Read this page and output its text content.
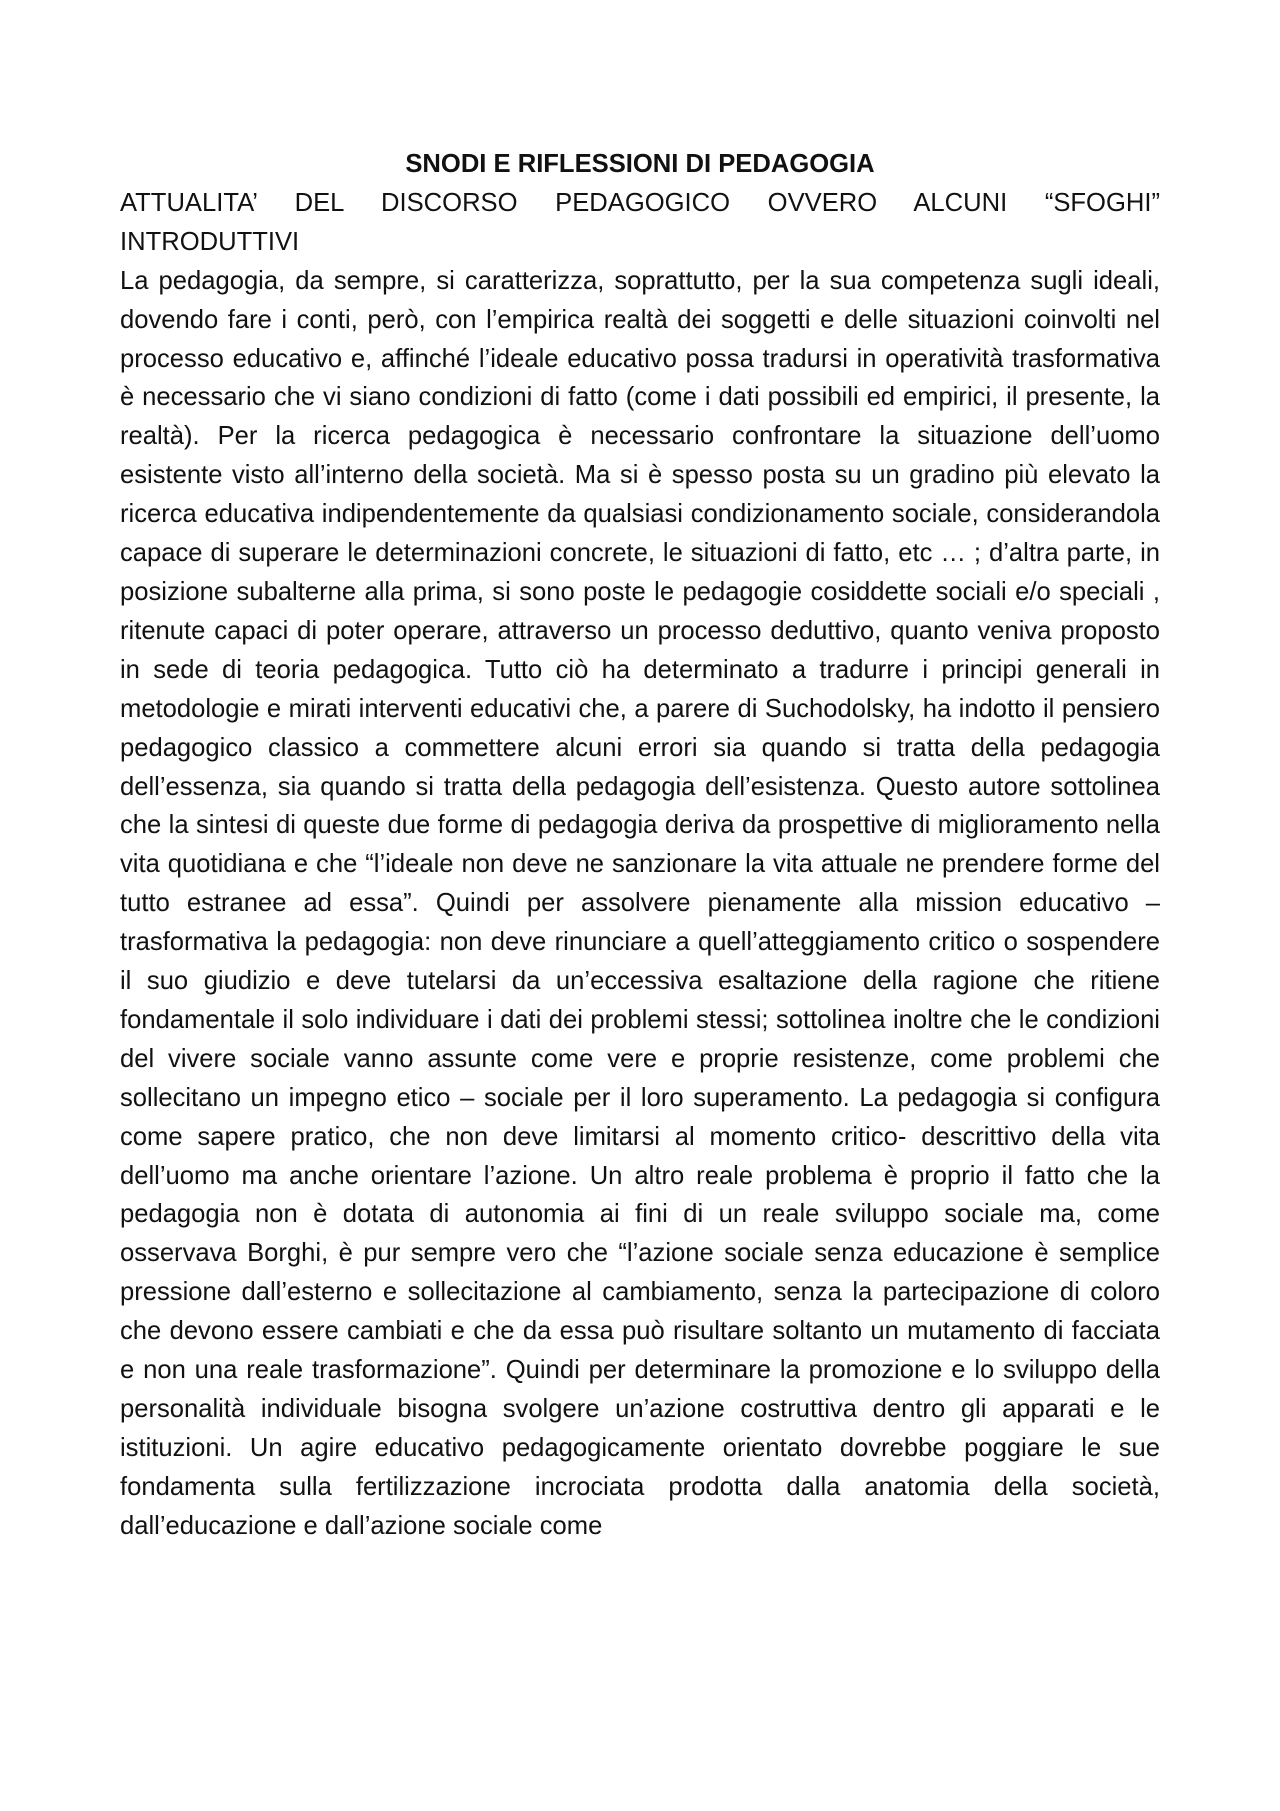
SNODI E RIFLESSIONI DI PEDAGOGIA
ATTUALITA’ DEL DISCORSO PEDAGOGICO OVVERO ALCUNI “SFOGHI” INTRODUTTIVI

La pedagogia, da sempre, si caratterizza, soprattutto, per la sua competenza sugli ideali, dovendo fare i conti, però, con l’empirica realtà dei soggetti e delle situazioni coinvolti nel processo educativo e, affinché l’ideale educativo possa tradursi in operatività trasformativa è necessario che vi siano condizioni di fatto (come i dati possibili ed empirici, il presente, la realtà). Per la ricerca pedagogica è necessario confrontare la situazione dell’uomo esistente visto all’interno della società. Ma si è spesso posta su un gradino più elevato la ricerca educativa indipendentemente da qualsiasi condizionamento sociale, considerandola capace di superare le determinazioni concrete, le situazioni di fatto, etc … ; d’altra parte, in posizione subalterne alla prima, si sono poste le pedagogie cosiddette sociali e/o speciali , ritenute capaci di poter operare, attraverso un processo deduttivo, quanto veniva proposto in sede di teoria pedagogica. Tutto ciò ha determinato a tradurre i principi generali in metodologie e mirati interventi educativi che, a parere di Suchodolsky, ha indotto il pensiero pedagogico classico a commettere alcuni errori sia quando si tratta della pedagogia dell’essenza, sia quando si tratta della pedagogia dell’esistenza. Questo autore sottolinea che la sintesi di queste due forme di pedagogia deriva da prospettive di miglioramento nella vita quotidiana e che “l’ideale non deve ne sanzionare la vita attuale ne prendere forme del tutto estranee ad essa”. Quindi per assolvere pienamente alla mission educativo – trasformativa la pedagogia: non deve rinunciare a quell’atteggiamento critico o sospendere il suo giudizio e deve tutelarsi da un’eccessiva esaltazione della ragione che ritiene fondamentale il solo individuare i dati dei problemi stessi; sottolinea inoltre che le condizioni del vivere sociale vanno assunte come vere e proprie resistenze, come problemi che sollecitano un impegno etico – sociale per il loro superamento. La pedagogia si configura come sapere pratico, che non deve limitarsi al momento critico- descrittivo della vita dell’uomo ma anche orientare l’azione. Un altro reale problema è proprio il fatto che la pedagogia non è dotata di autonomia ai fini di un reale sviluppo sociale ma, come osservava Borghi, è pur sempre vero che “l’azione sociale senza educazione è semplice pressione dall’esterno e sollecitazione al cambiamento, senza la partecipazione di coloro che devono essere cambiati e che da essa può risultare soltanto un mutamento di facciata e non una reale trasformazione”. Quindi per determinare la promozione e lo sviluppo della personalità individuale bisogna svolgere un’azione costruttiva dentro gli apparati e le istituzioni. Un agire educativo pedagogicamente orientato dovrebbe poggiare le sue fondamenta sulla fertilizzazione incrociata prodotta dalla anatomia della società, dall’educazione e dall’azione sociale come
